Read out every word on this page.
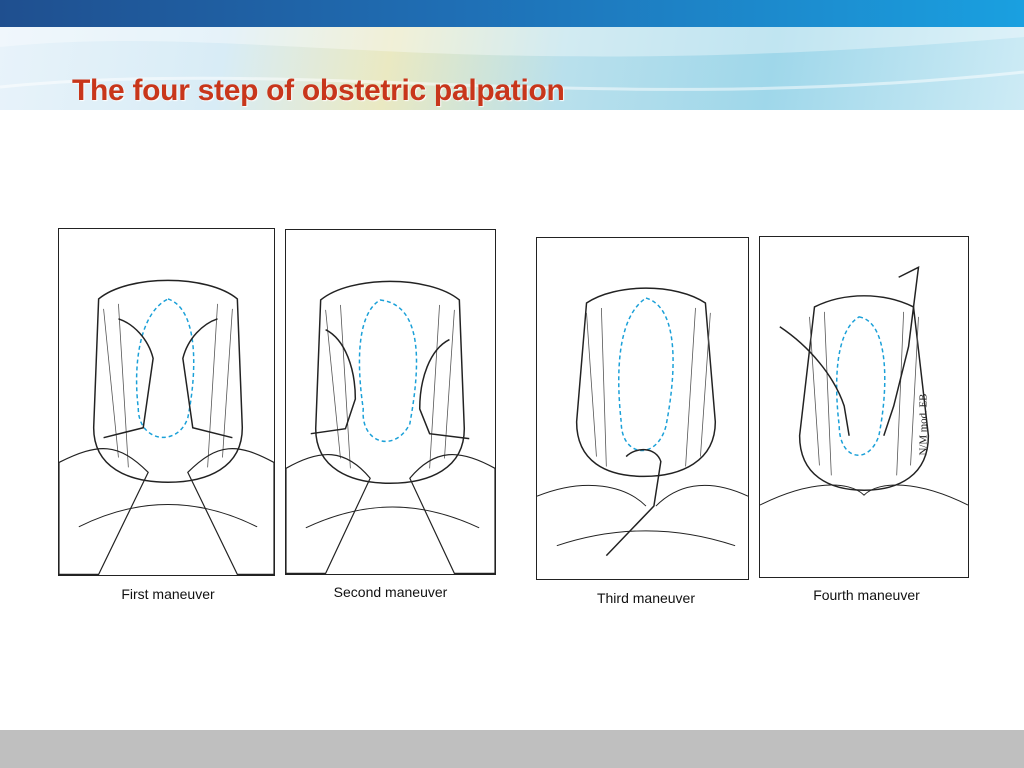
The four step of obstetric palpation
First maneuver	Second maneuver	Third maneuver
N/M mod. EB
Fourth maneuver
